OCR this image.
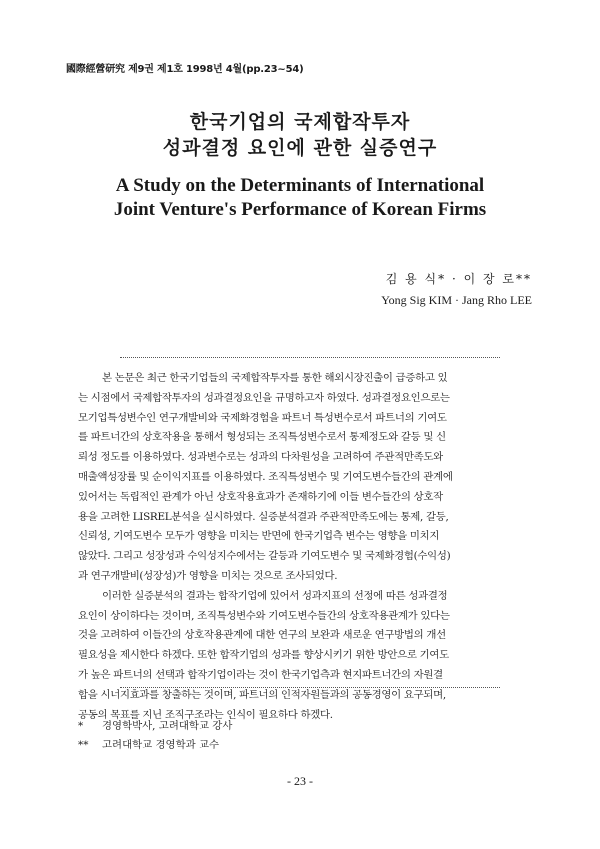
國際經營研究 제9권 제1호 1998년 4월(pp.23~54)
한국기업의 국제합작투자
성과결정 요인에 관한 실증연구
A Study on the Determinants of International
Joint Venture's Performance of Korean Firms
김 용 식* · 이 장 로**
Yong Sig KIM · Jang Rho LEE
본 논문은 최근 한국기업들의 국제합작투자를 통한 해외시장진출이 급증하고 있
는 시점에서 국제합작투자의 성과결정요인을 규명하고자 하였다. 성과결정요인으로는
모기업특성변수인 연구개발비와 국제화경험을 파트너 특성변수로서 파트너의 기여도
를 파트너간의 상호작용을 통해서 형성되는 조직특성변수로서 통제정도와 갈등 및 신
뢰성 정도를 이용하였다. 성과변수로는 성과의 다차원성을 고려하여 주관적만족도와
매출액성장률 및 순이익지표를 이용하였다. 조직특성변수 및 기여도변수들간의 관계에
있어서는 독립적인 관계가 아닌 상호작용효과가 존재하기에 이들 변수들간의 상호작
용을 고려한 LISREL분석을 실시하였다. 실증분석결과 주관적만족도에는 통제, 갈등,
신뢰성, 기여도변수 모두가 영향을 미치는 반면에 한국기업측 변수는 영향을 미치지
않았다. 그리고 성장성과 수익성지수에서는 갈등과 기여도변수 및 국제화경험(수익성)
과 연구개발비(성장성)가 영향을 미치는 것으로 조사되었다.
이러한 실증분석의 결과는 합작기업에 있어서 성과지표의 선정에 따른 성과결정
요인이 상이하다는 것이며, 조직특성변수와 기여도변수들간의 상호작용관계가 있다는
것을 고려하여 이들간의 상호작용관계에 대한 연구의 보완과 새로운 연구방법의 개선
필요성을 제시한다 하겠다. 또한 합작기업의 성과를 향상시키기 위한 방안으로 기여도
가 높은 파트너의 선택과 합작기업이라는 것이 한국기업측과 현지파트너간의 자원결
합을 시너지효과를 창출하는 것이며, 파트너의 인적자원들과의 공동경영이 요구되며,
공동의 목표를 지닌 조직구조라는 인식이 필요하다 하겠다.
* 경영학박사, 고려대학교 강사
** 고려대학교 경영학과 교수
- 23 -
